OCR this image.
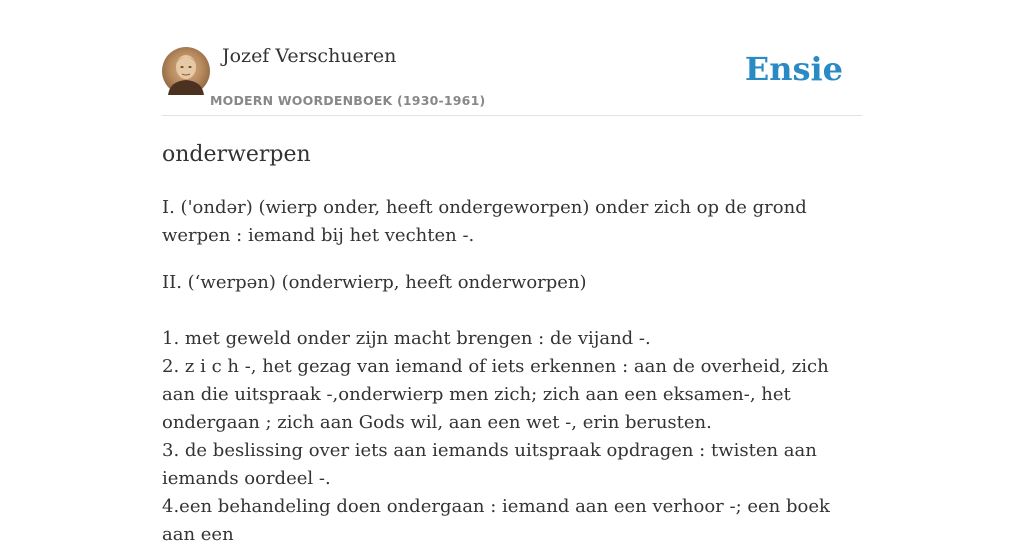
Jozef Verschueren
MODERN WOORDENBOEK (1930-1961)
Ensie
onderwerpen

I. ('ondər) (wierp onder, heeft ondergeworpen) onder zich op de grond werpen : iemand bij het vechten -.

II. (ʻwerpən) (onderwierp, heeft onderworpen)

1. met geweld onder zijn macht brengen : de vijand -.
2. z i c h -, het gezag van iemand of iets erkennen : aan de overheid, zich aan die uitspraak -,onderwierp men zich; zich aan een eksamen-, het ondergaan ; zich aan Gods wil, aan een wet -, erin berusten.
3. de beslissing over iets aan iemands uitspraak opdragen : twisten aan iemands oordeel -.
4.een behandeling doen ondergaan : iemand aan een verhoor -; een boek aan een
